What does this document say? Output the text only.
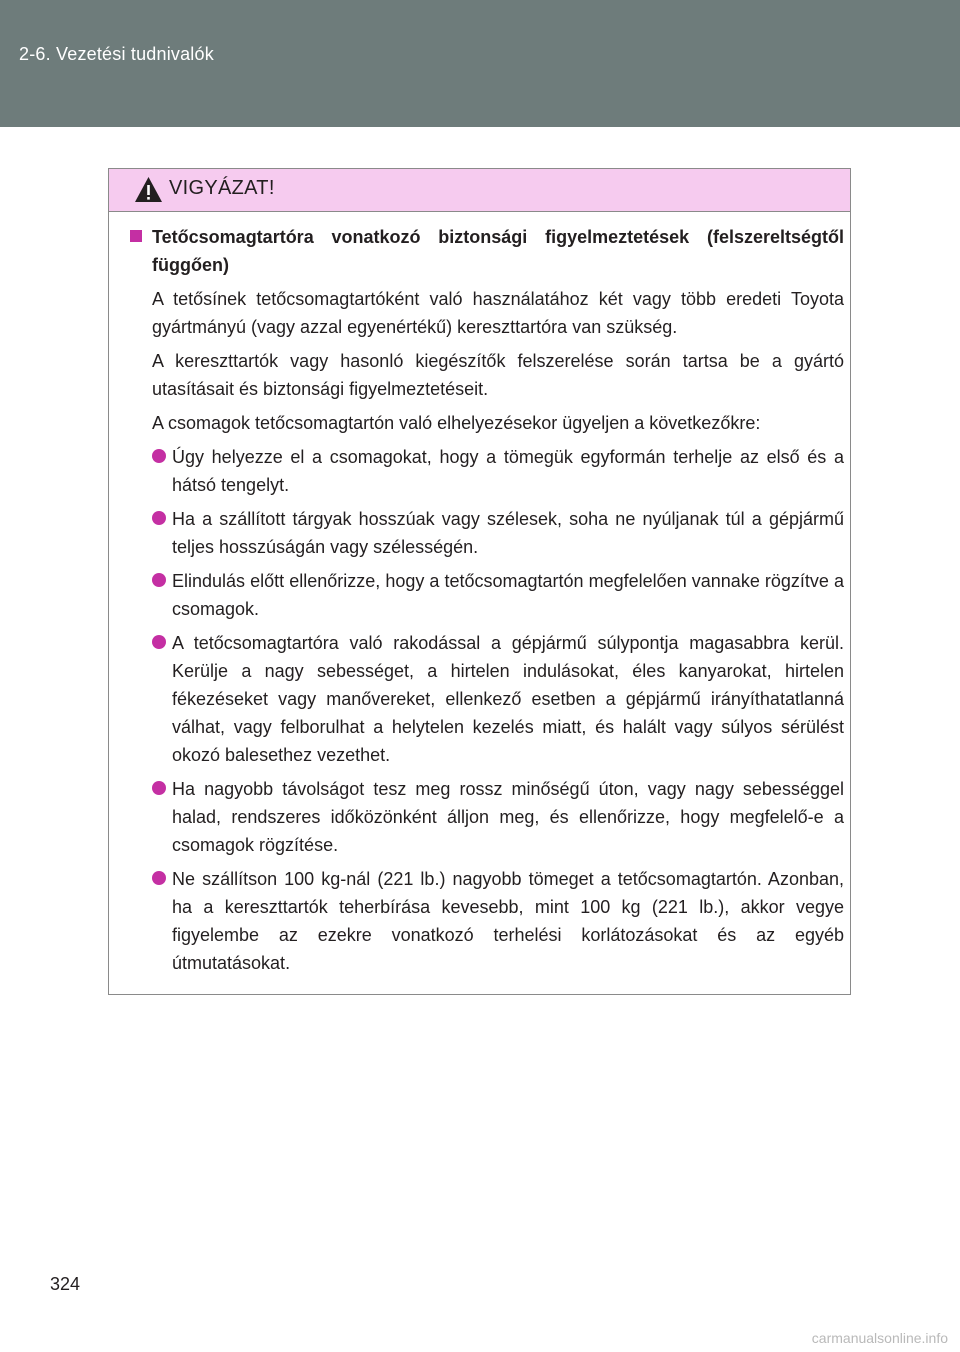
2-6. Vezetési tudnivalók
VIGYÁZAT!
Tetőcsomagtartóra vonatkozó biztonsági figyelmeztetések (felszereltségtől függően)
A tetősínek tetőcsomagtartóként való használatához két vagy több eredeti Toyota gyártmányú (vagy azzal egyenértékű) kereszttartóra van szükség.
A kereszttartók vagy hasonló kiegészítők felszerelése során tartsa be a gyártó utasításait és biztonsági figyelmeztetéseit.
A csomagok tetőcsomagtartón való elhelyezésekor ügyeljen a következőkre:
Úgy helyezze el a csomagokat, hogy a tömegük egyformán terhelje az első és a hátsó tengelyt.
Ha a szállított tárgyak hosszúak vagy szélesek, soha ne nyúljanak túl a gépjármű teljes hosszúságán vagy szélességén.
Elindulás előtt ellenőrizze, hogy a tetőcsomagtartón megfelelően vannake rögzítve a csomagok.
A tetőcsomagtartóra való rakodással a gépjármű súlypontja magasabbra kerül. Kerülje a nagy sebességet, a hirtelen indulásokat, éles kanyarokat, hirtelen fékezéseket vagy manővereket, ellenkező esetben a gépjármű irányíthatatlanná válhat, vagy felborulhat a helytelen kezelés miatt, és halált vagy súlyos sérülést okozó balesethez vezethet.
Ha nagyobb távolságot tesz meg rossz minőségű úton, vagy nagy sebességgel halad, rendszeres időközönként álljon meg, és ellenőrizze, hogy megfelelő-e a csomagok rögzítése.
Ne szállítson 100 kg-nál (221 lb.) nagyobb tömeget a tetőcsomagtartón. Azonban, ha a kereszttartók teherbírása kevesebb, mint 100 kg (221 lb.), akkor vegye figyelembe az ezekre vonatkozó terhelési korlátozásokat és az egyéb útmutatásokat.
324
carmanualsonline.info
